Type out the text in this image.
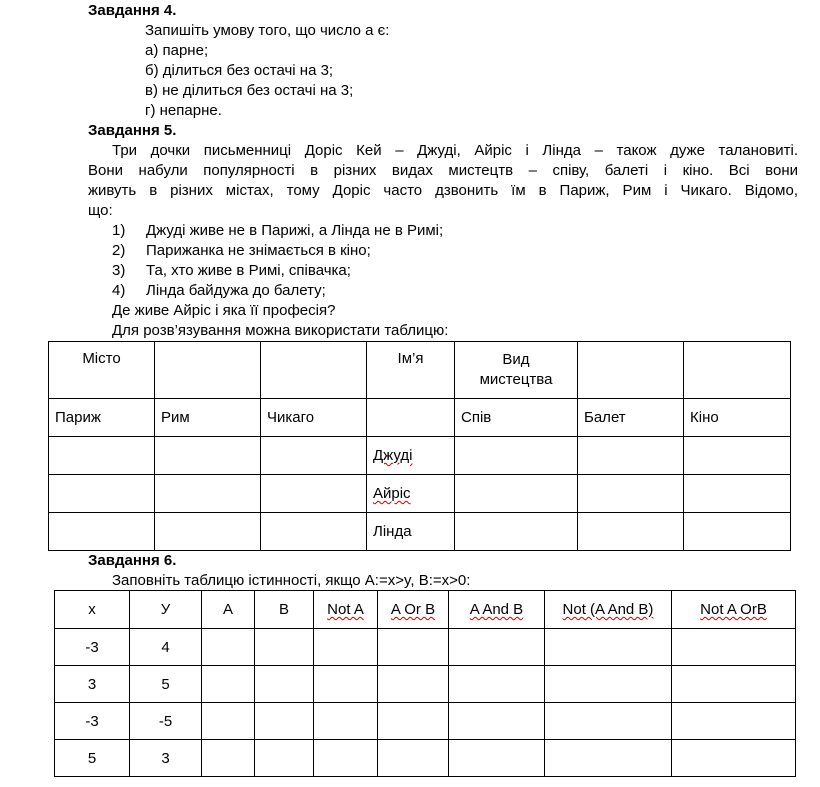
Завдання 4.
Запишіть умову того, що число а є:
а) парне;
б) ділиться без остачі на 3;
в) не ділиться без остачі на 3;
г) непарне.
Завдання 5.
Три дочки письменниці Доріс Кей – Джуді, Айріс і Лінда – також дуже талановиті.
Вони набули популярності в різних видах мистецтв – співу, балеті і кіно. Всі вони
живуть в різних містах, тому Доріс часто дзвонить їм в Париж, Рим і Чикаго. Відомо,
що:
1) Джуді живе не в Парижі, а Лінда не в Римі;
2) Парижанка не знімається в кіно;
3) Та, хто живе в Римі, співачка;
4) Лінда байдужа до балету;
Де живе Айріс і яка її професія?
Для розв’язування можна використати таблицю:
Місто			Ім’я	Вид мистецтва		
Париж	Рим	Чикаго		Спів	Балет	Кіно
			Джуді			
			Айріс			
			Лінда			
Завдання 6.
Заповніть таблицю істинності, якщо А:=x>y, В:=x>0:
x	У	A	B	Not A	A Or B	A And B	Not (A And B)	Not A OrB
-3	4							
3	5							
-3	-5							
5	3							
